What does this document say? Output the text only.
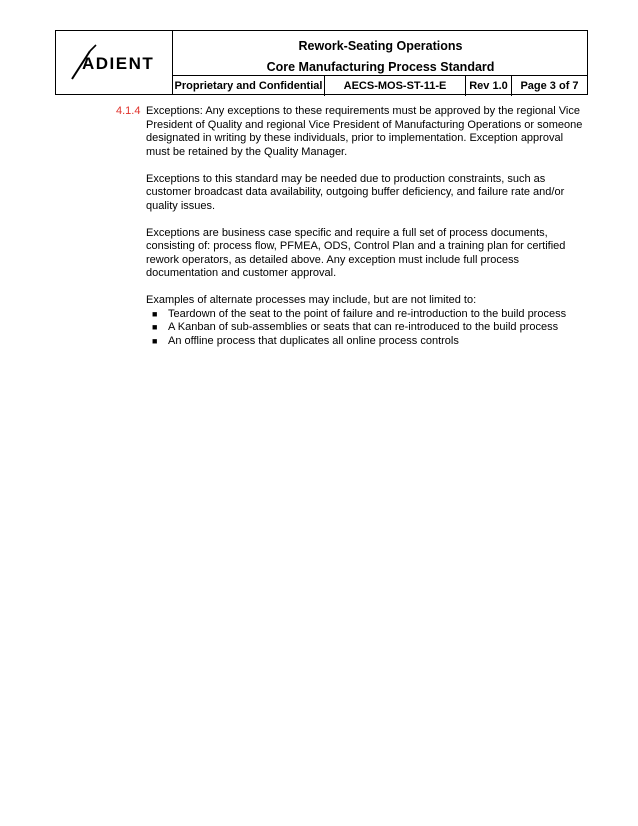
ADIENT
Rework-Seating Operations
Core Manufacturing Process Standard
Proprietary and Confidential	AECS-MOS-ST-11-E	Rev 1.0	Page 3 of 7
4.1.4 Exceptions: Any exceptions to these requirements must be approved by the regional Vice President of Quality and regional Vice President of Manufacturing Operations or someone designated in writing by these individuals, prior to implementation. Exception approval must be retained by the Quality Manager.
Exceptions to this standard may be needed due to production constraints, such as customer broadcast data availability, outgoing buffer deficiency, and failure rate and/or quality issues.
Exceptions are business case specific and require a full set of process documents, consisting of: process flow, PFMEA, ODS, Control Plan and a training plan for certified rework operators, as detailed above. Any exception must include full process documentation and customer approval.
Examples of alternate processes may include, but are not limited to:
■ Teardown of the seat to the point of failure and re-introduction to the build process
■ A Kanban of sub-assemblies or seats that can re-introduced to the build process
■ An offline process that duplicates all online process controls
